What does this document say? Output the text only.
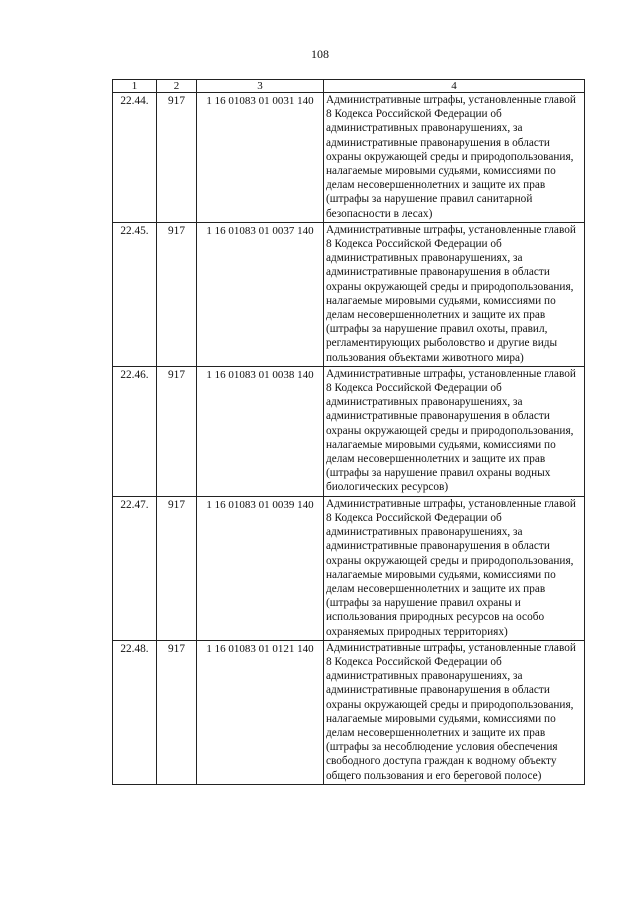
108
1	2	3	4
22.44.	917	1 16 01083 01 0031 140	Административные штрафы, установленные главой 8 Кодекса Российской Федерации об административных правонарушениях, за административные правонарушения в области охраны окружающей среды и природопользования, налагаемые мировыми судьями, комиссиями по делам несовершеннолетних и защите их прав (штрафы за нарушение правил санитарной безопасности в лесах)
22.45.	917	1 16 01083 01 0037 140	Административные штрафы, установленные главой 8 Кодекса Российской Федерации об административных правонарушениях, за административные правонарушения в области охраны окружающей среды и природопользования, налагаемые мировыми судьями, комиссиями по делам несовершеннолетних и защите их прав (штрафы за нарушение правил охоты, правил, регламентирующих рыболовство и другие виды пользования объектами животного мира)
22.46.	917	1 16 01083 01 0038 140	Административные штрафы, установленные главой 8 Кодекса Российской Федерации об административных правонарушениях, за административные правонарушения в области охраны окружающей среды и природопользования, налагаемые мировыми судьями, комиссиями по делам несовершеннолетних и защите их прав (штрафы за нарушение правил охраны водных биологических ресурсов)
22.47.	917	1 16 01083 01 0039 140	Административные штрафы, установленные главой 8 Кодекса Российской Федерации об административных правонарушениях, за административные правонарушения в области охраны окружающей среды и природопользования, налагаемые мировыми судьями, комиссиями по делам несовершеннолетних и защите их прав (штрафы за нарушение правил охраны и использования природных ресурсов на особо охраняемых природных территориях)
22.48.	917	1 16 01083 01 0121 140	Административные штрафы, установленные главой 8 Кодекса Российской Федерации об административных правонарушениях, за административные правонарушения в области охраны окружающей среды и природопользования, налагаемые мировыми судьями, комиссиями по делам несовершеннолетних и защите их прав (штрафы за несоблюдение условия обеспечения свободного доступа граждан к водному объекту общего пользования и его береговой полосе)
